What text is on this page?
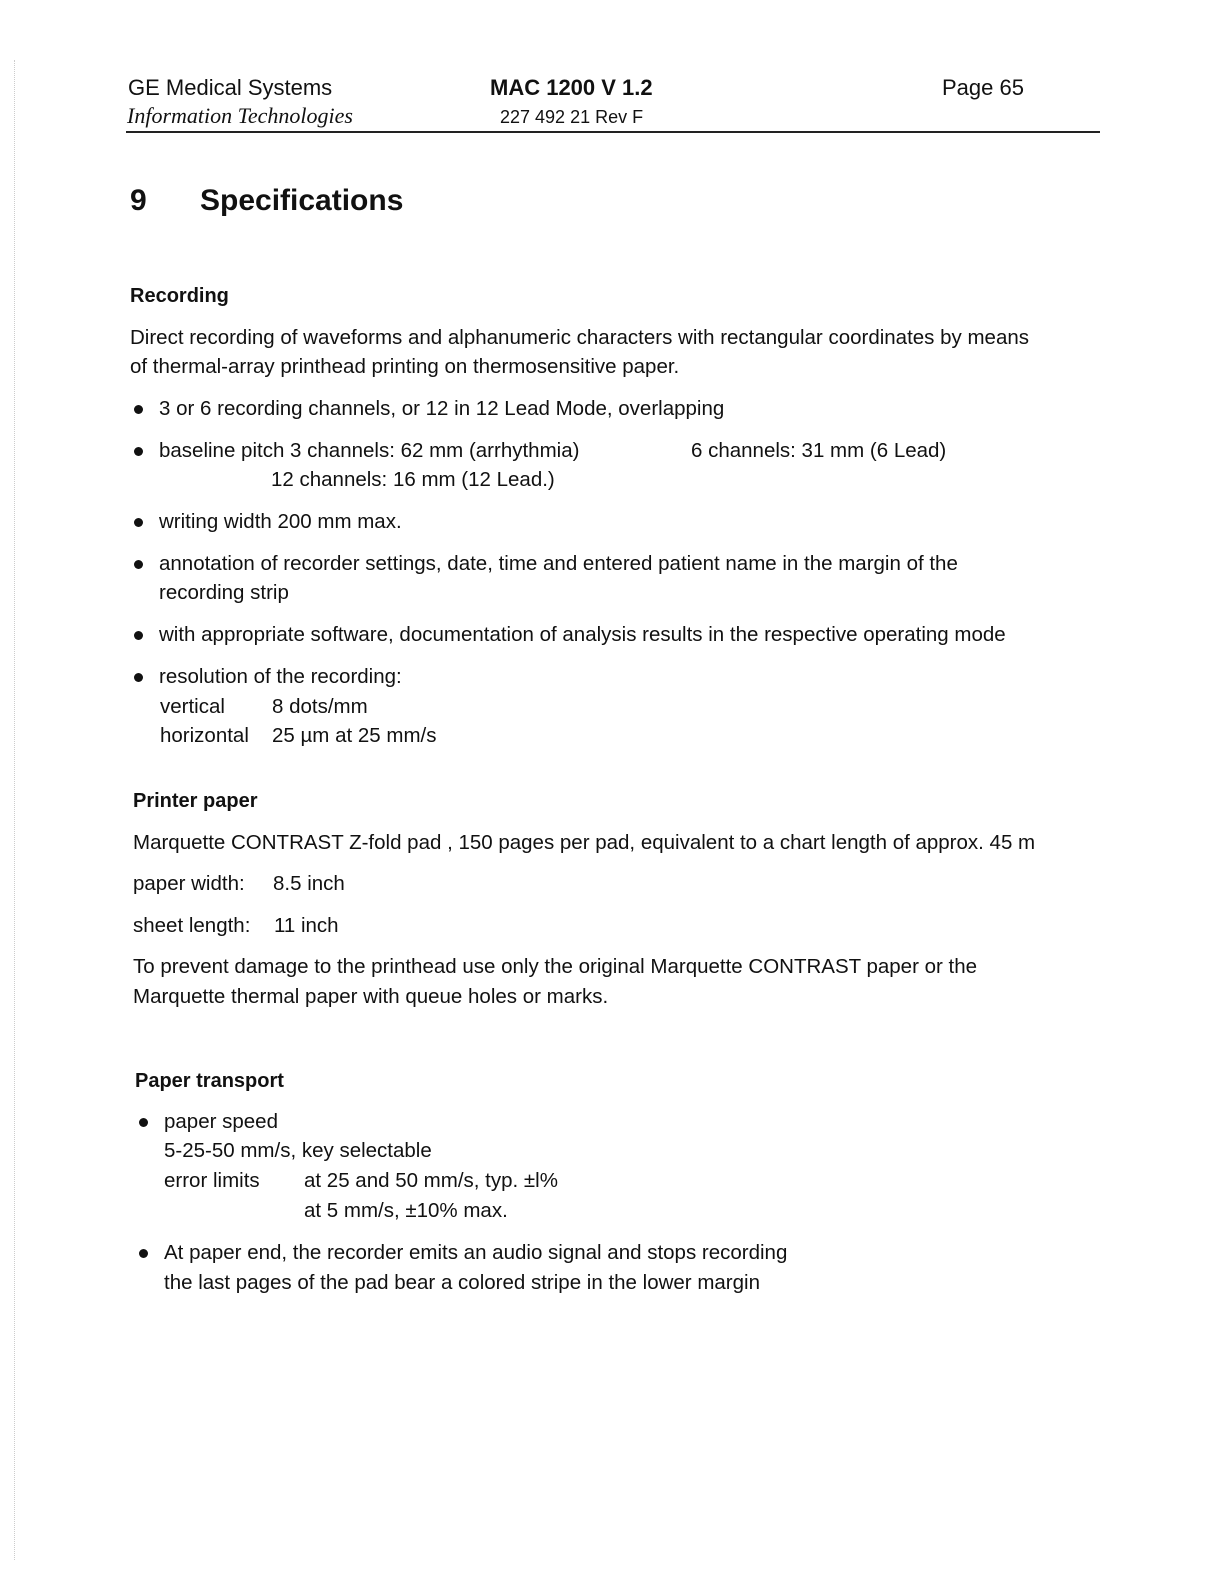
GE Medical Systems
Information Technologies
MAC 1200 V 1.2
227 492 21 Rev F
Page 65
9 Specifications
Recording
Direct recording of waveforms and alphanumeric characters with rectangular coordinates by means
of thermal-array printhead printing on thermosensitive paper.
3 or 6 recording channels, or 12 in 12 Lead Mode, overlapping
baseline pitch 3 channels: 62 mm (arrhythmia)	6 channels: 31 mm (6 Lead)
12 channels: 16 mm (12 Lead.)
writing width 200 mm max.
annotation of recorder settings, date, time and entered patient name in the margin of the
recording strip
with appropriate software, documentation of analysis results in the respective operating mode
resolution of the recording:
vertical 8 dots/mm
horizontal 25 µm at 25 mm/s
Printer paper
Marquette CONTRAST Z-fold pad , 150 pages per pad, equivalent to a chart length of approx. 45 m
paper width: 8.5 inch
sheet length: 11 inch
To prevent damage to the printhead use only the original Marquette CONTRAST paper or the
Marquette thermal paper with queue holes or marks.
Paper transport
paper speed
5-25-50 mm/s, key selectable
error limits at 25 and 50 mm/s, typ. ±l%
at 5 mm/s, ±10% max.
At paper end, the recorder emits an audio signal and stops recording
the last pages of the pad bear a colored stripe in the lower margin
